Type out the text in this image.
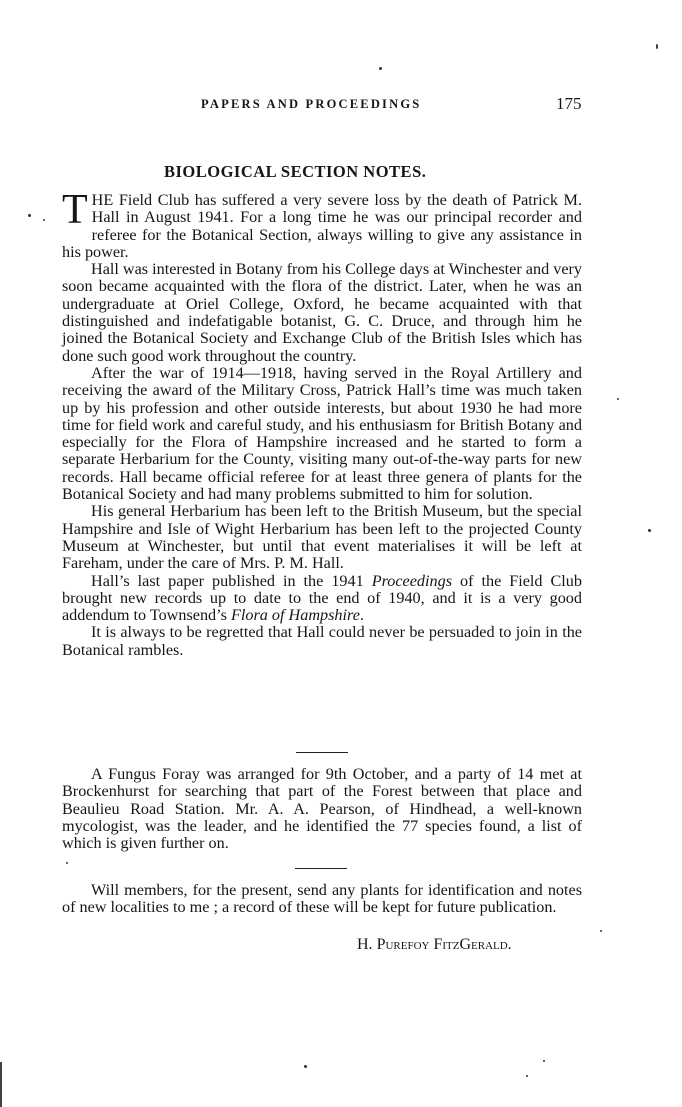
PAPERS AND PROCEEDINGS	175
BIOLOGICAL SECTION NOTES.

THE Field Club has suffered a very severe loss by the death of Patrick M. Hall in August 1941. For a long time he was our principal recorder and referee for the Botanical Section, always willing to give any assistance in his power.

Hall was interested in Botany from his College days at Winchester and very soon became acquainted with the flora of the district. Later, when he was an undergraduate at Oriel College, Oxford, he became acquainted with that distinguished and indefatigable botanist, G. C. Druce, and through him he joined the Botanical Society and Exchange Club of the British Isles which has done such good work throughout the country.

After the war of 1914—1918, having served in the Royal Artillery and receiving the award of the Military Cross, Patrick Hall’s time was much taken up by his profession and other outside interests, but about 1930 he had more time for field work and careful study, and his enthusiasm for British Botany and especially for the Flora of Hampshire increased and he started to form a separate Herbarium for the County, visiting many out-of-the-way parts for new records. Hall became official referee for at least three genera of plants for the Botanical Society and had many problems submitted to him for solution.

His general Herbarium has been left to the British Museum, but the special Hampshire and Isle of Wight Herbarium has been left to the projected County Museum at Winchester, but until that event materialises it will be left at Fareham, under the care of Mrs. P. M. Hall.

Hall’s last paper published in the 1941 Proceedings of the Field Club brought new records up to date to the end of 1940, and it is a very good addendum to Townsend’s Flora of Hampshire.

It is always to be regretted that Hall could never be persuaded to join in the Botanical rambles.

A Fungus Foray was arranged for 9th October, and a party of 14 met at Brockenhurst for searching that part of the Forest between that place and Beaulieu Road Station. Mr. A. A. Pearson, of Hindhead, a well-known mycologist, was the leader, and he identified the 77 species found, a list of which is given further on.

Will members, for the present, send any plants for identification and notes of new localities to me ; a record of these will be kept for future publication.

H. Purefoy FitzGerald.
